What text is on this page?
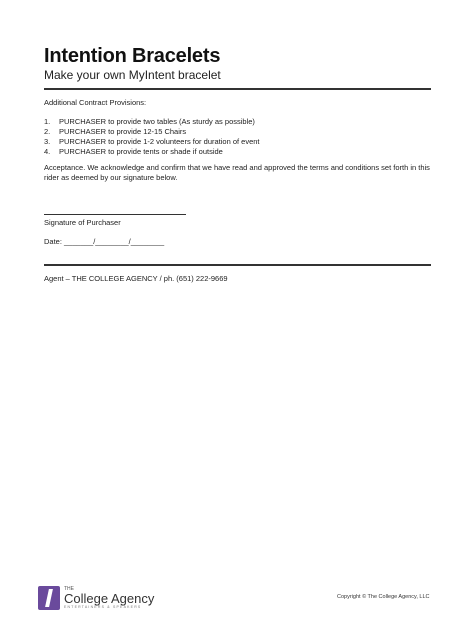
Intention Bracelets
Make your own MyIntent bracelet
Additional Contract Provisions:
1.	PURCHASER to provide two tables (As sturdy as possible)
2.	PURCHASER to provide 12-15 Chairs
3.	PURCHASER to provide 1-2 volunteers for duration of event
4.	PURCHASER to provide tents or shade if outside
Acceptance. We acknowledge and confirm that we have read and approved the terms and conditions set forth in this rider as deemed by our signature below.
Signature of Purchaser
Date: _______/________/________
Agent – THE COLLEGE AGENCY / ph. (651) 222-9669
THE
College Agency
ENTERTAINERS & SPEAKERS
Copyright © The College Agency, LLC
